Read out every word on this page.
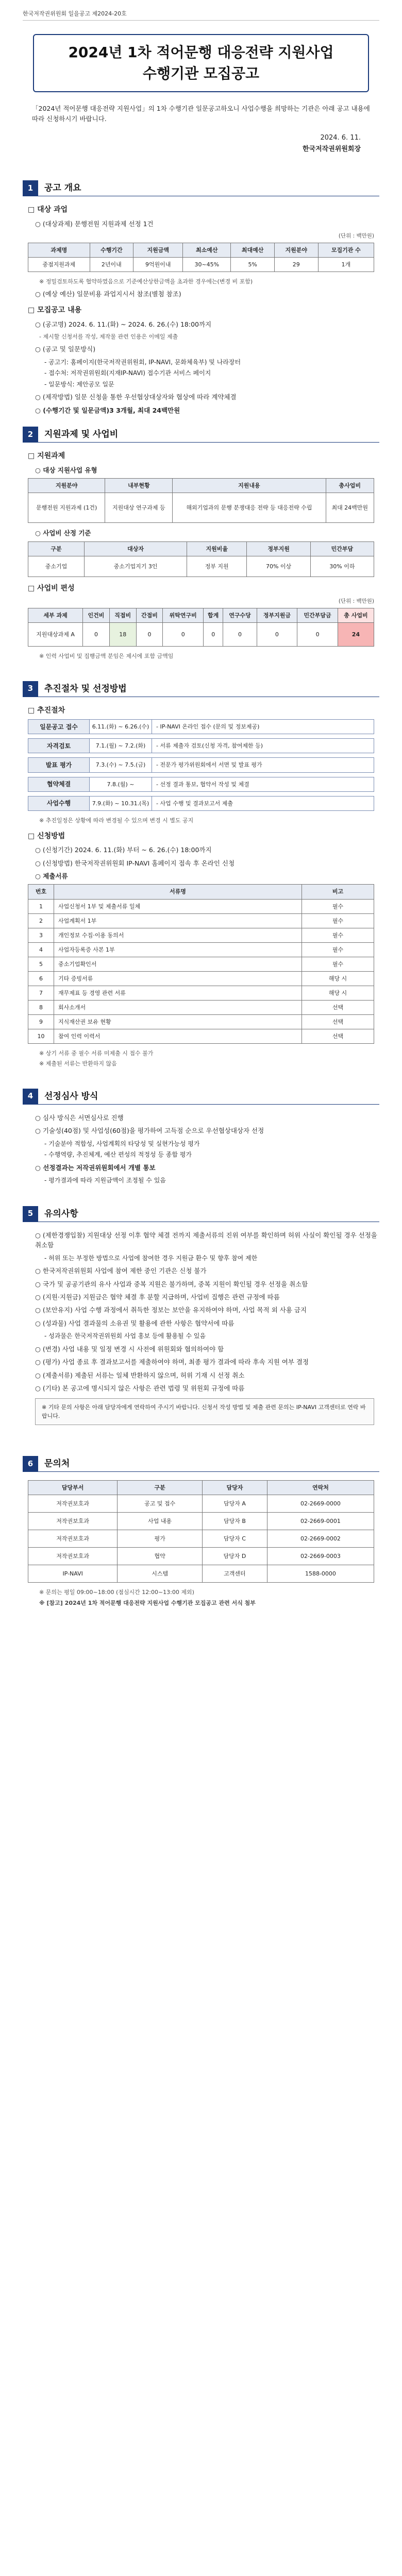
한국저작권위원회 일을공고 제2024-20호
2024년 1차 적어문행 대응전략 지원사업
수행기관 모집공고
「2024년 적어문행 대응전략 지원사업」의 1차 수행기관 일문공고하오니 사업수행을 희망하는 기관은 아래 공고 내용에 따라 신청하시기 바랍니다.
2024. 6. 11.
한국저작권위원회장
1	공고 개요
□ 대상 과업
○ (대상과제) 문행전원 지원과제 선정 1건
(단위 : 백만원)
과제명	수행기간	지원금액	최소예산	최대예산	지원분야	모집기관 수
중점지원과제	2년이내	9억원이내	30~45%	5%	29	1개
※ 정밀검토하도록 협약하였음으로 기준예산상한금액을 초과한 경우에는(변경 비 포함)
○ (예상 예산) 일문비용 과업지시서 참조(별첨 참조)
□ 모집공고 내용
○ (공고명) 2024. 6. 11.(화) ~ 2024. 6. 26.(수) 18:00까지
- 제시할 신청서를 작성, 제작물 관련 인용은 이메일 제출
○ (공고 및 일문방식)
- 공고기: 홈페이지(한국저작권위원회, IP-NAVI, 문화체육부) 및 나라장터
- 접수처: 저작권위원회(지재IP-NAVI) 접수기관 서비스 페이지
- 일문방식: 제안공모 일문
○ (제작방법) 일문 신청을 통한 우선협상대상자와 협상에 따라 계약체결
○ (수행기간 및 일문금액)3 3개월, 최대 24백만원
2	지원과제 및 사업비
□ 지원과제
○ 대상 지원사업 유형
지원분야	내부현황	지원내용	총사업비
문행전원 지원과제 (1건)	지원대상 연구과제 등	해외기업과의 문행 분쟁대응 전략 등 대응전략 수립	최대 24백만원
○ 사업비 산정 기준
구분	대상자	지원비율	정부지원	민간부담
중소기업	중소기업지기 3인	정부 지원	70% 이상	30% 이하
□ 사업비 편성
(단위 : 백만원)
세부 과제	인건비	직접비	간접비	위탁연구비	합계	연구수당	정부지원금	민간부담금	총 사업비
지원대상과제 A	0	18	0	0	0	0	0	0	24
※ 인력 사업비 및 집행금액 분임은 제시에 포함 금액임
3	추진절차 및 선정방법
□ 추진절차
일문공고 접수	6.11.(화) ~ 6.26.(수)	- IP-NAVI 온라인 접수 (문의 및 정보제공)
자격검토	7.1.(월) ~ 7.2.(화)	- 서류 제출자 검토(신청 자격, 참여제한 등)
발표 평가	7.3.(수) ~ 7.5.(금)	- 전문가 평가위원회에서 서면 및 발표 평가
협약체결	7.8.(월) ~	- 선정 결과 통보, 협약서 작성 및 체결
사업수행	7.9.(화) ~ 10.31.(목)	- 사업 수행 및 결과보고서 제출
※ 추진일정은 상황에 따라 변경될 수 있으며 변경 시 별도 공지
□ 신청방법
○ (신청기간) 2024. 6. 11.(화) 부터 ~ 6. 26.(수) 18:00까지
○ (신청방법) 한국저작권위원회 IP-NAVI 홈페이지 접속 후 온라인 신청
○ 제출서류
번호	서류명	비고
1	사업신청서 1부 및 제출서류 일체	필수
2	사업계획서 1부	필수
3	개인정보 수집·이용 동의서	필수
4	사업자등록증 사본 1부	필수
5	중소기업확인서	필수
6	기타 증빙서류	해당 시
7	재무제표 등 경영 관련 서류	해당 시
8	회사소개서	선택
9	지식재산권 보유 현황	선택
10	참여 인력 이력서	선택
※ 상기 서류 중 필수 서류 미제출 시 접수 불가
※ 제출된 서류는 반환하지 않음
4	선정심사 방식
○ 심사 방식은 서면심사로 진행
○ 기술성(40점) 및 사업성(60점)을 평가하여 고득점 순으로 우선협상대상자 선정
- 기술분야 적합성, 사업계획의 타당성 및 실현가능성 평가
- 수행역량, 추진체계, 예산 편성의 적정성 등 종합 평가
○ 선정결과는 저작권위원회에서 개별 통보
- 평가결과에 따라 지원금액이 조정될 수 있음
5	유의사항
○ (제한경쟁입찰) 지원대상 선정 이후 협약 체결 전까지 제출서류의 진위 여부를 확인하며 허위 사실이 확인될 경우 선정을 취소함
- 허위 또는 부정한 방법으로 사업에 참여한 경우 지원금 환수 및 향후 참여 제한
○ 한국저작권위원회 사업에 참여 제한 중인 기관은 신청 불가
○ 국가 및 공공기관의 유사 사업과 중복 지원은 불가하며, 중복 지원이 확인될 경우 선정을 취소함
○ (지원·지원금) 지원금은 협약 체결 후 분할 지급하며, 사업비 집행은 관련 규정에 따름
○ (보안유지) 사업 수행 과정에서 취득한 정보는 보안을 유지하여야 하며, 사업 목적 외 사용 금지
○ (성과물) 사업 결과물의 소유권 및 활용에 관한 사항은 협약서에 따름
- 성과물은 한국저작권위원회 사업 홍보 등에 활용될 수 있음
○ (변경) 사업 내용 및 일정 변경 시 사전에 위원회와 협의하여야 함
○ (평가) 사업 종료 후 결과보고서를 제출하여야 하며, 최종 평가 결과에 따라 후속 지원 여부 결정
○ (제출서류) 제출된 서류는 일체 반환하지 않으며, 허위 기재 시 선정 취소
○ (기타) 본 공고에 명시되지 않은 사항은 관련 법령 및 위원회 규정에 따름
※ 기타 문의 사항은 아래 담당자에게 연락하여 주시기 바랍니다. 신청서 작성 방법 및 제출 관련 문의는 IP-NAVI 고객센터로 연락 바랍니다.
6	문의처
담당부서	구분	담당자	연락처
저작권보호과	공고 및 접수	담당자 A	02-2669-0000
저작권보호과	사업 내용	담당자 B	02-2669-0001
저작권보호과	평가	담당자 C	02-2669-0002
저작권보호과	협약	담당자 D	02-2669-0003
IP-NAVI	시스템	고객센터	1588-0000
※ 문의는 평일 09:00~18:00 (점심시간 12:00~13:00 제외)
※ [참고] 2024년 1차 적어문행 대응전략 지원사업 수행기관 모집공고 관련 서식 첨부
